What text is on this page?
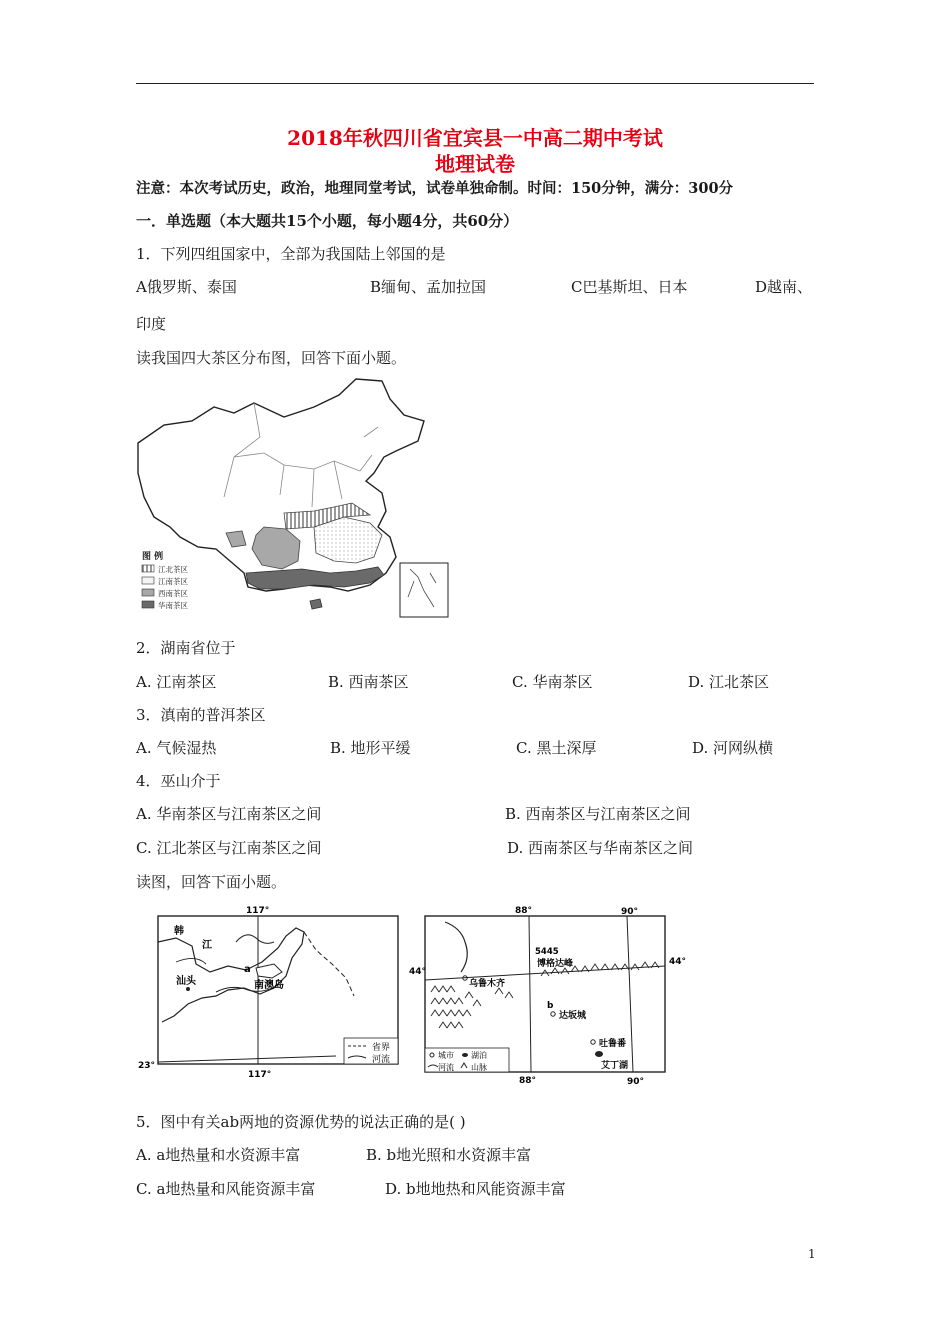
2018年秋四川省宜宾县一中高二期中考试
地理试卷
注意：本次考试历史，政治，地理同堂考试，试卷单独命制。时间：150分钟，满分：300分
一．单选题（本大题共15个小题，每小题4分，共60分）
1．下列四组国家中，全部为我国陆上邻国的是
A俄罗斯、泰国	B缅甸、孟加拉国	C巴基斯坦、日本	D越南、
印度
读我国四大茶区分布图，回答下面小题。
图 例
江北茶区
江南茶区
西南茶区
华南茶区
2．湖南省位于
A. 江南茶区	B. 西南茶区	C. 华南茶区	D. 江北茶区
3．滇南的普洱茶区
A. 气候湿热	B. 地形平缓	C. 黑土深厚	D. 河网纵横
4．巫山介于
A. 华南茶区与江南茶区之间	B. 西南茶区与江南茶区之间
C. 江北茶区与江南茶区之间	D. 西南茶区与华南茶区之间
读图，回答下面小题。
117°
117°
23°
韩
江
汕头
a
南澳岛
省界
河流
88°	90°
44°
44°
5445
博格达峰
乌鲁木齐
b
达坂城
吐鲁番
艾丁湖
88°	90°
城市 湖泊
河流 山脉
5．图中有关ab两地的资源优势的说法正确的是( )
A. a地热量和水资源丰富	B. b地光照和水资源丰富
C. a地热量和风能资源丰富	D. b地地热和风能资源丰富
1
